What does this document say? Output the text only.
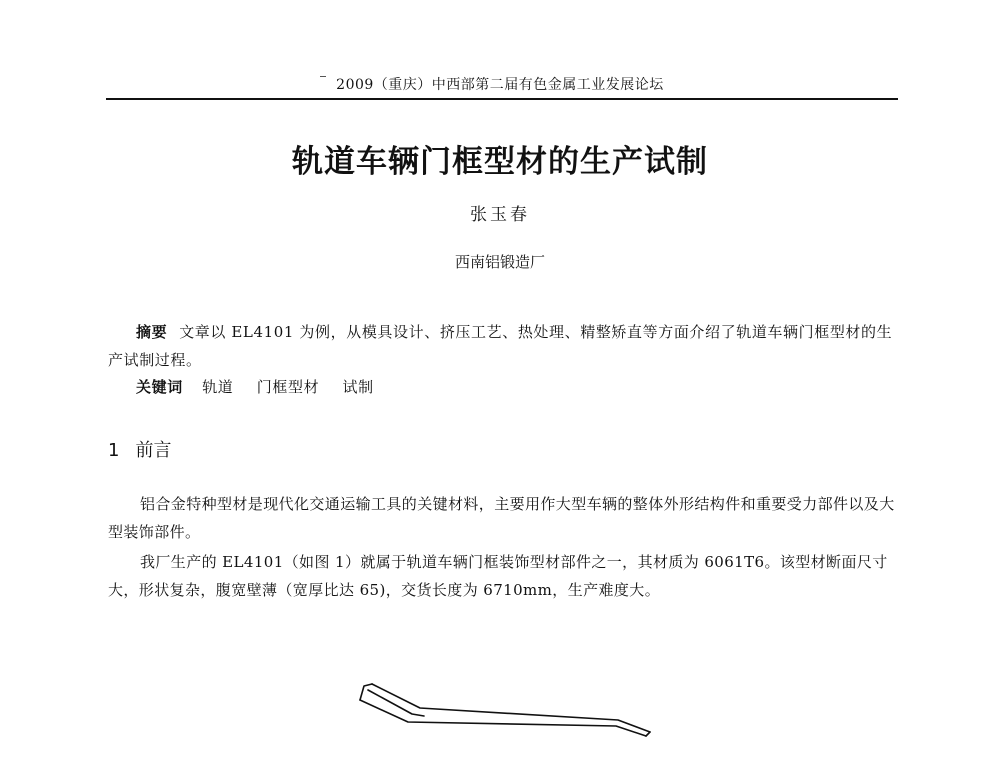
2009（重庆）中西部第二届有色金属工业发展论坛
轨道车辆门框型材的生产试制
张玉春
西南铝锻造厂
摘要 文章以 EL4101 为例，从模具设计、挤压工艺、热处理、精整矫直等方面介绍了轨道车辆门框型材的生产试制过程。
关键词 轨道 门框型材 试制
1 前言
铝合金特种型材是现代化交通运输工具的关键材料，主要用作大型车辆的整体外形结构件和重要受力部件以及大型装饰部件。
我厂生产的 EL4101（如图 1）就属于轨道车辆门框装饰型材部件之一，其材质为 6061T6。该型材断面尺寸大，形状复杂，腹宽壁薄（宽厚比达 65)，交货长度为 6710mm，生产难度大。
